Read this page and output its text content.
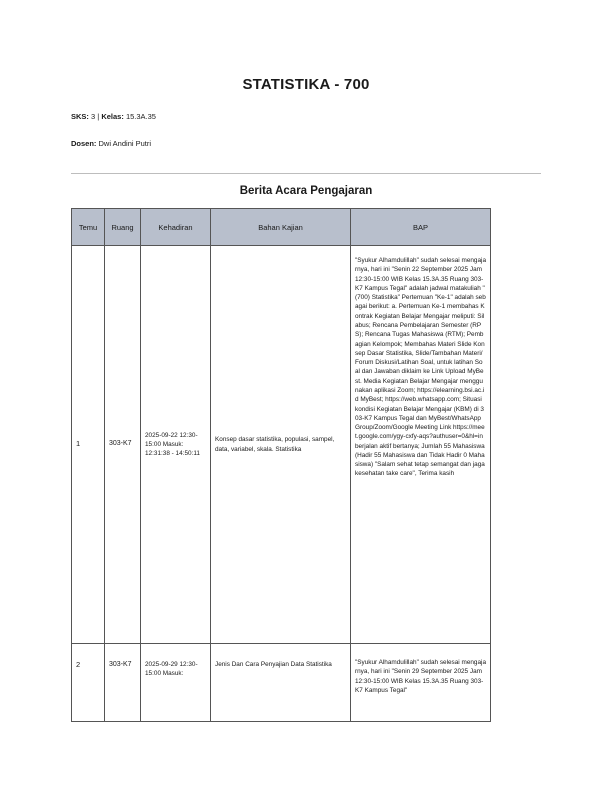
STATISTIKA - 700
SKS: 3 | Kelas: 15.3A.35
Dosen: Dwi Andini Putri
Berita Acara Pengajaran
Temu	Ruang	Kehadiran	Bahan Kajian	BAP
1	303-K7	2025-09-22 12:30-15:00 Masuk: 12:31:38 - 14:50:11	Konsep dasar statistika, populasi, sampel, data, variabel, skala. Statistika	"Syukur Alhamdulillah" sudah selesai mengajarnya, hari ini "Senin 22 September 2025 Jam 12:30-15:00 WIB Kelas 15.3A.35 Ruang 303-K7 Kampus Tegal" adalah jadwal matakuliah "(700) Statistika" Pertemuan "Ke-1" adalah sebagai berikut: a. Pertemuan Ke-1 membahas Kontrak Kegiatan Belajar Mengajar meliputi: Silabus; Rencana Pembelajaran Semester (RPS); Rencana Tugas Mahasiswa (RTM); Pembagian Kelompok; Membahas Materi Slide Konsep Dasar Statistika, Slide/Tambahan Materi/Forum Diskusi/Latihan Soal, untuk latihan Soal dan Jawaban diklaim ke Link Upload MyBest. Media Kegiatan Belajar Mengajar menggunakan aplikasi Zoom; https://elearning.bsi.ac.id MyBest; https://web.whatsapp.com; Situasi kondisi Kegiatan Belajar Mengajar (KBM) di 303-K7 Kampus Tegal dan MyBest/WhatsApp Group/Zoom/Google Meeting Link https://meet.google.com/ygy-cxfy-aqs?authuser=0&hl=in berjalan aktif bertanya; Jumlah 55 Mahasiswa (Hadir 55 Mahasiswa dan Tidak Hadir 0 Mahasiswa) "Salam sehat tetap semangat dan jaga kesehatan take care", Terima kasih
2	303-K7	2025-09-29 12:30-15:00 Masuk:	Jenis Dan Cara Penyajian Data Statistika	"Syukur Alhamdulillah" sudah selesai mengajarnya, hari ini "Senin 29 September 2025 Jam 12:30-15:00 WIB Kelas 15.3A.35 Ruang 303-K7 Kampus Tegal"
